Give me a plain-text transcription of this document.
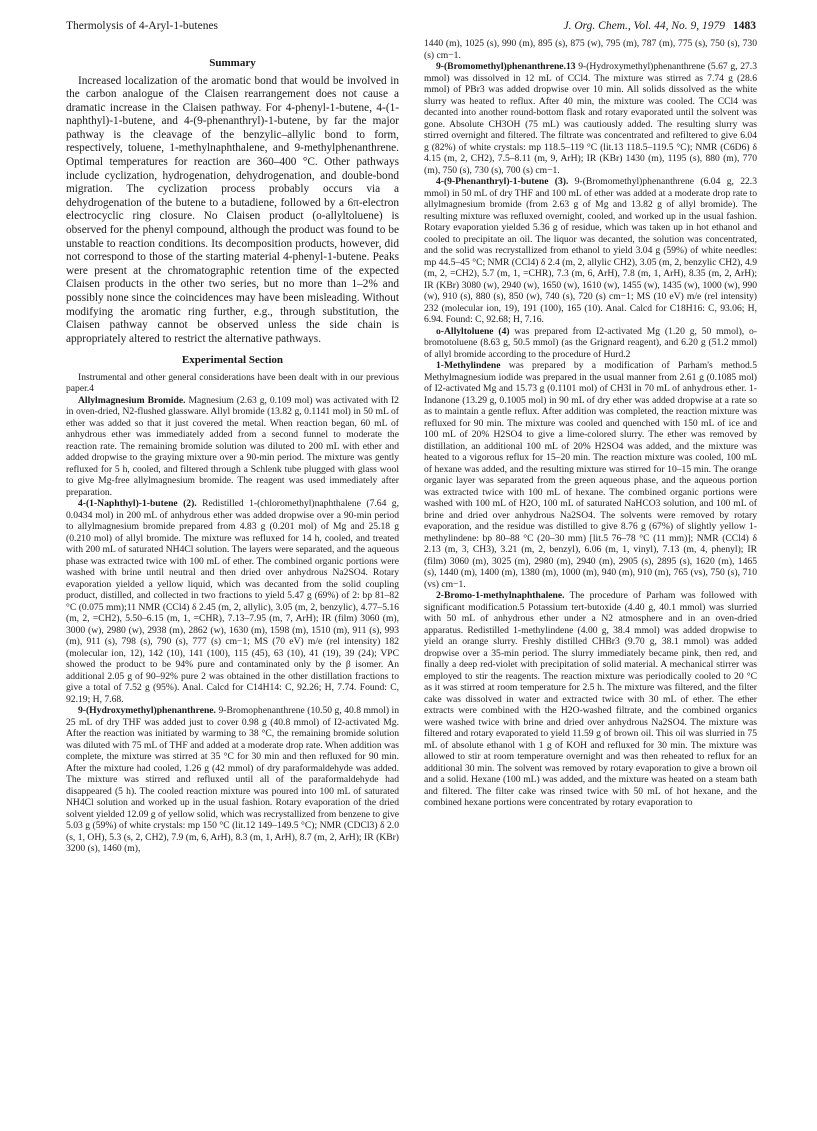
Thermolysis of 4-Aryl-1-butenes	J. Org. Chem., Vol. 44, No. 9, 1979 1483
Summary

Increased localization of the aromatic bond that would be involved in the carbon analogue of the Claisen rearrangement does not cause a dramatic increase in the Claisen pathway. For 4-phenyl-1-butene, 4-(1-naphthyl)-1-butene, and 4-(9-phenanthryl)-1-butene, by far the major pathway is the cleavage of the benzylic–allylic bond to form, respectively, toluene, 1-methylnaphthalene, and 9-methylphenanthrene. Optimal temperatures for reaction are 360–400 °C. Other pathways include cyclization, hydrogenation, dehydrogenation, and double-bond migration. The cyclization process probably occurs via a dehydrogenation of the butene to a butadiene, followed by a 6π-electron electrocyclic ring closure. No Claisen product (o-allyltoluene) is observed for the phenyl compound, although the product was found to be unstable to reaction conditions. Its decomposition products, however, did not correspond to those of the starting material 4-phenyl-1-butene. Peaks were present at the chromatographic retention time of the expected Claisen products in the other two series, but no more than 1–2% and possibly none since the coincidences may have been misleading. Without modifying the aromatic ring further, e.g., through substitution, the Claisen pathway cannot be observed unless the side chain is appropriately altered to restrict the alternative pathways.

Experimental Section

Instrumental and other general considerations have been dealt with in our previous paper.4

Allylmagnesium Bromide. Magnesium (2.63 g, 0.109 mol) was activated with I2 in oven-dried, N2-flushed glassware. Allyl bromide (13.82 g, 0.1141 mol) in 50 mL of ether was added so that it just covered the metal. When reaction began, 60 mL of anhydrous ether was immediately added from a second funnel to moderate the reaction rate. The remaining bromide solution was diluted to 200 mL with ether and added dropwise to the graying mixture over a 90-min period. The mixture was gently refluxed for 5 h, cooled, and filtered through a Schlenk tube plugged with glass wool to give Mg-free allylmagnesium bromide. The reagent was used immediately after preparation.

4-(1-Naphthyl)-1-butene (2). Redistilled 1-(chloromethyl)naphthalene (7.64 g, 0.0434 mol) in 200 mL of anhydrous ether was added dropwise over a 90-min period to allylmagnesium bromide prepared from 4.83 g (0.201 mol) of Mg and 25.18 g (0.210 mol) of allyl bromide. The mixture was refluxed for 14 h, cooled, and treated with 200 mL of saturated NH4Cl solution. The layers were separated, and the aqueous phase was extracted twice with 100 mL of ether. The combined organic portions were washed with brine until neutral and then dried over anhydrous Na2SO4. Rotary evaporation yielded a yellow liquid, which was decanted from the solid coupling product, distilled, and collected in two fractions to yield 5.47 g (69%) of 2: bp 81–82 °C (0.075 mm);11 NMR (CCl4) δ 2.45 (m, 2, allylic), 3.05 (m, 2, benzylic), 4.77–5.16 (m, 2, =CH2), 5.50–6.15 (m, 1, =CHR), 7.13–7.95 (m, 7, ArH); IR (film) 3060 (m), 3000 (w), 2980 (w), 2938 (m), 2862 (w), 1630 (m), 1598 (m), 1510 (m), 911 (s), 993 (m), 911 (s), 798 (s), 790 (s), 777 (s) cm−1; MS (70 eV) m/e (rel intensity) 182 (molecular ion, 12), 142 (10), 141 (100), 115 (45), 63 (10), 41 (19), 39 (24); VPC showed the product to be 94% pure and contaminated only by the β isomer. An additional 2.05 g of 90–92% pure 2 was obtained in the other distillation fractions to give a total of 7.52 g (95%). Anal. Calcd for C14H14: C, 92.26; H, 7.74. Found: C, 92.19; H, 7.68.

9-(Hydroxymethyl)phenanthrene. 9-Bromophenanthrene (10.50 g, 40.8 mmol) in 25 mL of dry THF was added just to cover 0.98 g (40.8 mmol) of I2-activated Mg. After the reaction was initiated by warming to 38 °C, the remaining bromide solution was diluted with 75 mL of THF and added at a moderate drop rate. When addition was complete, the mixture was stirred at 35 °C for 30 min and then refluxed for 90 min. After the mixture had cooled, 1.26 g (42 mmol) of dry paraformaldehyde was added. The mixture was stirred and refluxed until all of the paraformaldehyde had disappeared (5 h). The cooled reaction mixture was poured into 100 mL of saturated NH4Cl solution and worked up in the usual fashion. Rotary evaporation of the dried solvent yielded 12.09 g of yellow solid, which was recrystallized from benzene to give 5.03 g (59%) of white crystals: mp 150 °C (lit.12 149–149.5 °C); NMR (CDCl3) δ 2.0 (s, 1, OH), 5.3 (s, 2, CH2), 7.9 (m, 6, ArH), 8.3 (m, 1, ArH), 8.7 (m, 2, ArH); IR (KBr) 3200 (s), 1460 (m),

1440 (m), 1025 (s), 990 (m), 895 (s), 875 (w), 795 (m), 787 (m), 775 (s), 750 (s), 730 (s) cm−1.

9-(Bromomethyl)phenanthrene.13 9-(Hydroxymethyl)phenanthrene (5.67 g, 27.3 mmol) was dissolved in 12 mL of CCl4. The mixture was stirred as 7.74 g (28.6 mmol) of PBr3 was added dropwise over 10 min. All solids dissolved as the white slurry was heated to reflux. After 40 min, the mixture was cooled. The CCl4 was decanted into another round-bottom flask and rotary evaporated until the solvent was gone. Absolute CH3OH (75 mL) was cautiously added. The resulting slurry was stirred overnight and filtered. The filtrate was concentrated and refiltered to give 6.04 g (82%) of white crystals: mp 118.5–119 °C (lit.13 118.5–119.5 °C); NMR (C6D6) δ 4.15 (m, 2, CH2), 7.5–8.11 (m, 9, ArH); IR (KBr) 1430 (m), 1195 (s), 880 (m), 770 (m), 750 (s), 730 (s), 700 (s) cm−1.

4-(9-Phenanthryl)-1-butene (3). 9-(Bromomethyl)phenanthrene (6.04 g, 22.3 mmol) in 50 mL of dry THF and 100 mL of ether was added at a moderate drop rate to allylmagnesium bromide (from 2.63 g of Mg and 13.82 g of allyl bromide). The resulting mixture was refluxed overnight, cooled, and worked up in the usual fashion. Rotary evaporation yielded 5.36 g of residue, which was taken up in hot ethanol and cooled to precipitate an oil. The liquor was decanted, the solution was concentrated, and the solid was recrystallized from ethanol to yield 3.04 g (59%) of white needles: mp 44.5–45 °C; NMR (CCl4) δ 2.4 (m, 2, allylic CH2), 3.05 (m, 2, benzylic CH2), 4.9 (m, 2, =CH2), 5.7 (m, 1, =CHR), 7.3 (m, 6, ArH), 7.8 (m, 1, ArH), 8.35 (m, 2, ArH); IR (KBr) 3080 (w), 2940 (w), 1650 (w), 1610 (w), 1455 (w), 1435 (w), 1000 (w), 990 (w), 910 (s), 880 (s), 850 (w), 740 (s), 720 (s) cm−1; MS (10 eV) m/e (rel intensity) 232 (molecular ion, 19), 191 (100), 165 (10). Anal. Calcd for C18H16: C, 93.06; H, 6.94. Found: C, 92.68; H, 7.16.

o-Allyltoluene (4) was prepared from I2-activated Mg (1.20 g, 50 mmol), o-bromotoluene (8.63 g, 50.5 mmol) (as the Grignard reagent), and 6.20 g (51.2 mmol) of allyl bromide according to the procedure of Hurd.2

1-Methylindene was prepared by a modification of Parham's method.5 Methylmagnesium iodide was prepared in the usual manner from 2.61 g (0.1085 mol) of I2-activated Mg and 15.73 g (0.1101 mol) of CH3I in 70 mL of anhydrous ether. 1-Indanone (13.29 g, 0.1005 mol) in 90 mL of dry ether was added dropwise at a rate so as to maintain a gentle reflux. After addition was completed, the reaction mixture was refluxed for 90 min. The mixture was cooled and quenched with 150 mL of ice and 100 mL of 20% H2SO4 to give a lime-colored slurry. The ether was removed by distillation, an additional 100 mL of 20% H2SO4 was added, and the mixture was heated to a vigorous reflux for 15–20 min. The reaction mixture was cooled, 100 mL of hexane was added, and the resulting mixture was stirred for 10–15 min. The orange organic layer was separated from the green aqueous phase, and the aqueous portion was extracted twice with 100 mL of hexane. The combined organic portions were washed with 100 mL of H2O, 100 mL of saturated NaHCO3 solution, and 100 mL of brine and dried over anhydrous Na2SO4. The solvents were removed by rotary evaporation, and the residue was distilled to give 8.76 g (67%) of slightly yellow 1-methylindene: bp 80–88 °C (20–30 mm) [lit.5 76–78 °C (11 mm)]; NMR (CCl4) δ 2.13 (m, 3, CH3), 3.21 (m, 2, benzyl), 6.06 (m, 1, vinyl), 7.13 (m, 4, phenyl); IR (film) 3060 (m), 3025 (m), 2980 (m), 2940 (m), 2905 (s), 2895 (s), 1620 (m), 1465 (s), 1440 (m), 1400 (m), 1380 (m), 1000 (m), 940 (m), 910 (m), 765 (vs), 750 (s), 710 (vs) cm−1.

2-Bromo-1-methylnaphthalene. The procedure of Parham was followed with significant modification.5 Potassium tert-butoxide (4.40 g, 40.1 mmol) was slurried with 50 mL of anhydrous ether under a N2 atmosphere and in an oven-dried apparatus. Redistilled 1-methylindene (4.00 g, 38.4 mmol) was added dropwise to yield an orange slurry. Freshly distilled CHBr3 (9.70 g, 38.1 mmol) was added dropwise over a 35-min period. The slurry immediately became pink, then red, and finally a deep red-violet with precipitation of solid material. A mechanical stirrer was employed to stir the reagents. The reaction mixture was periodically cooled to 20 °C as it was stirred at room temperature for 2.5 h. The mixture was filtered, and the filter cake was dissolved in water and extracted twice with 30 mL of ether. The ether extracts were combined with the H2O-washed filtrate, and the combined organics were washed twice with brine and dried over anhydrous Na2SO4. The mixture was filtered and rotary evaporated to yield 11.59 g of brown oil. This oil was slurried in 75 mL of absolute ethanol with 1 g of KOH and refluxed for 30 min. The mixture was allowed to stir at room temperature overnight and was then reheated to reflux for an additional 30 min. The solvent was removed by rotary evaporation to give a brown oil and a solid. Hexane (100 mL) was added, and the mixture was heated on a steam bath and filtered. The filter cake was rinsed twice with 50 mL of hot hexane, and the combined hexane portions were concentrated by rotary evaporation to
